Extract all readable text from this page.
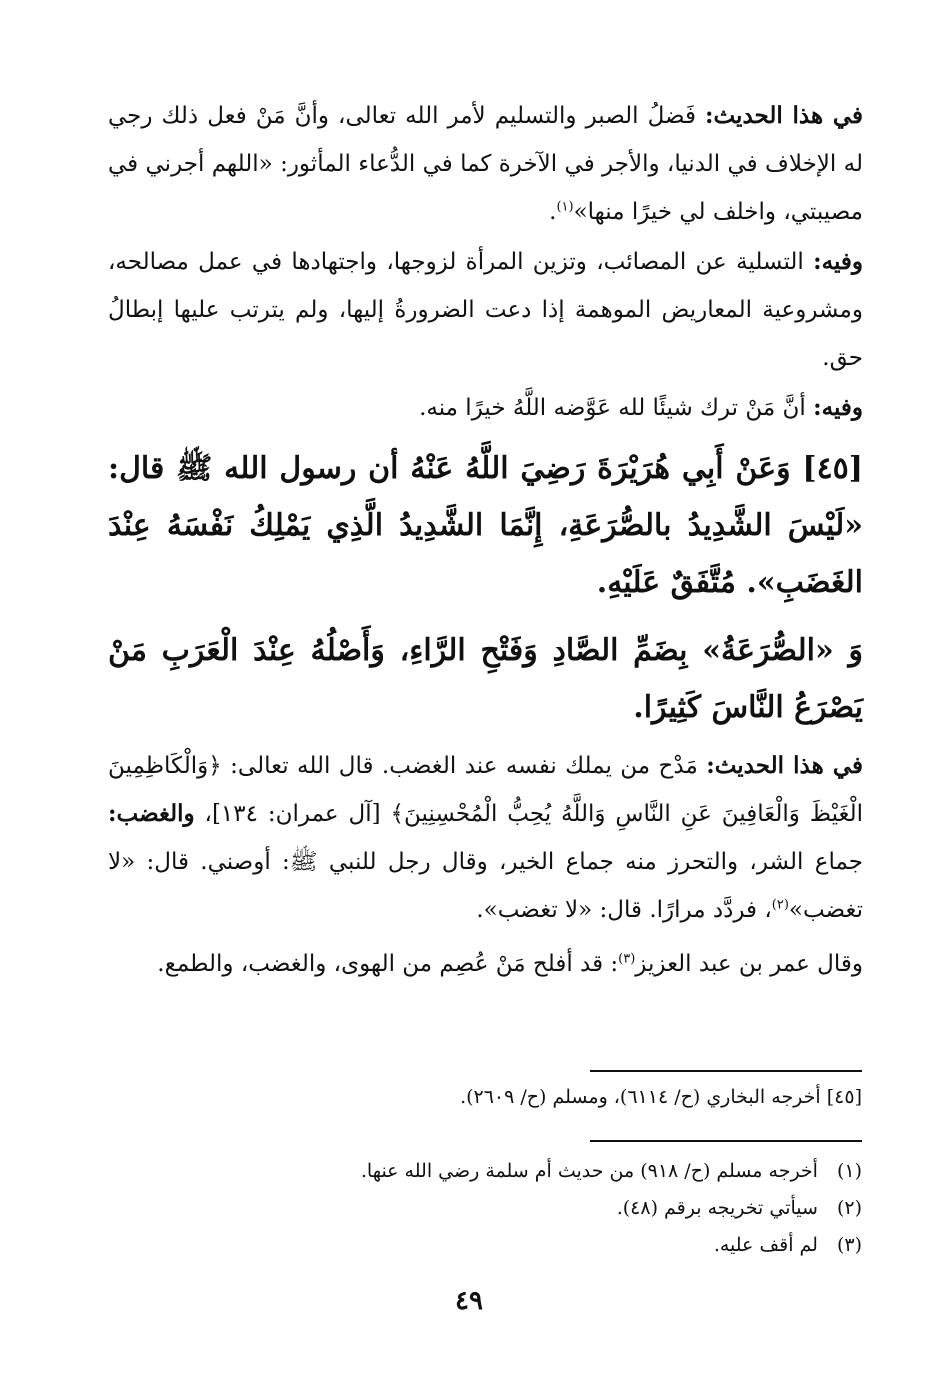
في هذا الحديث: فَضلُ الصبر والتسليم لأمر الله تعالى، وأنَّ مَنْ فعل ذلك رجي له الإخلاف في الدنيا، والأجر في الآخرة كما في الدُّعاء المأثور: «اللهم أجرني في مصيبتي، واخلف لي خيرًا منها»$^{(١)}$.

وفيه: التسلية عن المصائب، وتزين المرأة لزوجها، واجتهادها في عمل مصالحه، ومشروعية المعاريض الموهمة إذا دعت الضرورةُ إليها، ولم يترتب عليها إبطالُ حق.

وفيه: أنَّ مَنْ ترك شيئًا لله عَوَّضه اللَّهُ خيرًا منه.

[٤٥] وَعَنْ أَبِي هُرَيْرَةَ رَضِيَ اللَّهُ عَنْهُ أن رسول الله ﷺ قال: «لَيْسَ الشَّدِيدُ بالصُّرَعَةِ، إِنَّمَا الشَّدِيدُ الَّذِي يَمْلِكُ نَفْسَهُ عِنْدَ الغَضَبِ». مُتَّفَقٌ عَلَيْهِ.

وَ «الصُّرَعَةُ» بِضَمِّ الصَّادِ وَفَتْحِ الرَّاءِ، وَأَصْلُهُ عِنْدَ الْعَرَبِ مَنْ يَصْرَعُ النَّاسَ كَثِيرًا.

في هذا الحديث: مَدْح من يملك نفسه عند الغضب. قال الله تعالى: ﴿وَالْكَاظِمِينَ الْغَيْظَ وَالْعَافِينَ عَنِ النَّاسِ وَاللَّهُ يُحِبُّ الْمُحْسِنِينَ﴾ [آل عمران: ١٣٤]، والغضب: جماع الشر، والتحرز منه جماع الخير، وقال رجل للنبي ﷺ: أوصني. قال: «لا تغضب»$^{(٢)}$، فردَّد مرارًا. قال: «لا تغضب».

وقال عمر بن عبد العزيز$^{(٣)}$: قد أفلح مَنْ عُصِم من الهوى، والغضب، والطمع.

[٤٥] أخرجه البخاري (ح/ ٦١١٤)، ومسلم (ح/ ٢٦٠٩).
(١) أخرجه مسلم (ح/ ٩١٨) من حديث أم سلمة رضي الله عنها.
(٢) سيأتي تخريجه برقم (٤٨).
(٣) لم أقف عليه.
٤٩
